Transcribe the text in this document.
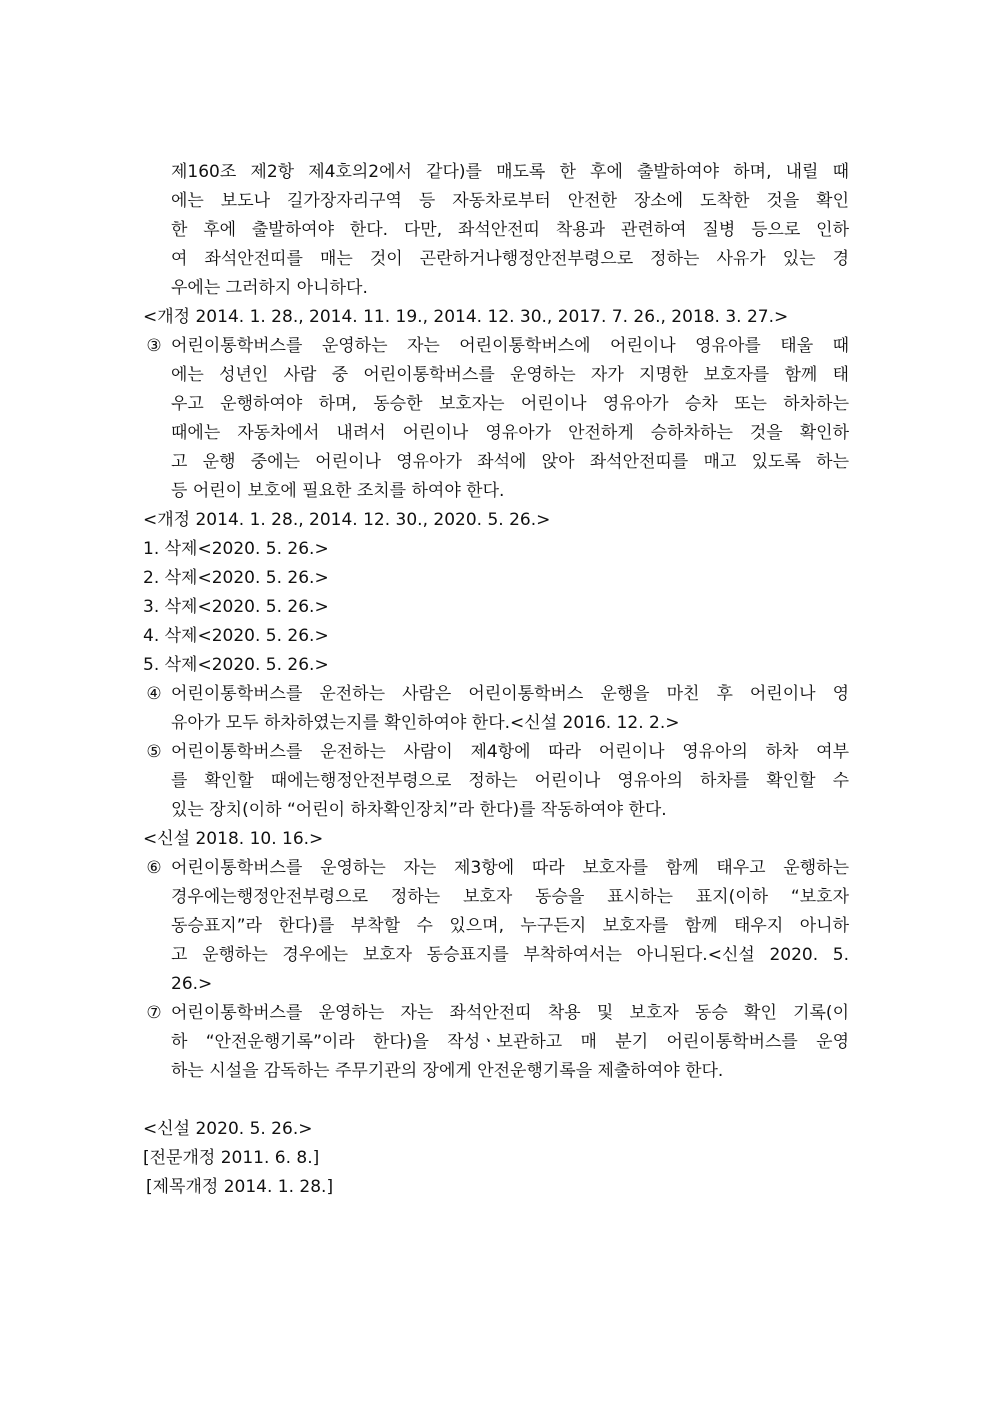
제160조 제2항 제4호의2에서 같다)를 매도록 한 후에 출발하여야 하며, 내릴 때

에는 보도나 길가장자리구역 등 자동차로부터 안전한 장소에 도착한 것을 확인

한 후에 출발하여야 한다. 다만, 좌석안전띠 착용과 관련하여 질병 등으로 인하

여 좌석안전띠를 매는 것이 곤란하거나행정안전부령으로 정하는 사유가 있는 경

우에는 그러하지 아니하다.

<개정 2014. 1. 28., 2014. 11. 19., 2014. 12. 30., 2017. 7. 26., 2018. 3. 27.>

③ 어린이통학버스를 운영하는 자는 어린이통학버스에 어린이나 영유아를 태울 때

에는 성년인 사람 중 어린이통학버스를 운영하는 자가 지명한 보호자를 함께 태

우고 운행하여야 하며, 동승한 보호자는 어린이나 영유아가 승차 또는 하차하는

때에는 자동차에서 내려서 어린이나 영유아가 안전하게 승하차하는 것을 확인하

고 운행 중에는 어린이나 영유아가 좌석에 앉아 좌석안전띠를 매고 있도록 하는

등 어린이 보호에 필요한 조치를 하여야 한다.

<개정 2014. 1. 28., 2014. 12. 30., 2020. 5. 26.>

1. 삭제<2020. 5. 26.>

2. 삭제<2020. 5. 26.>

3. 삭제<2020. 5. 26.>

4. 삭제<2020. 5. 26.>

5. 삭제<2020. 5. 26.>

④ 어린이통학버스를 운전하는 사람은 어린이통학버스 운행을 마친 후 어린이나 영

유아가 모두 하차하였는지를 확인하여야 한다.<신설 2016. 12. 2.>

⑤ 어린이통학버스를 운전하는 사람이 제4항에 따라 어린이나 영유아의 하차 여부

를 확인할 때에는행정안전부령으로 정하는 어린이나 영유아의 하차를 확인할 수

있는 장치(이하 “어린이 하차확인장치”라 한다)를 작동하여야 한다.

<신설 2018. 10. 16.>

⑥ 어린이통학버스를 운영하는 자는 제3항에 따라 보호자를 함께 태우고 운행하는

경우에는행정안전부령으로 정하는 보호자 동승을 표시하는 표지(이하 “보호자

동승표지”라 한다)를 부착할 수 있으며, 누구든지 보호자를 함께 태우지 아니하

고 운행하는 경우에는 보호자 동승표지를 부착하여서는 아니된다.<신설 2020. 5.

26.>

⑦ 어린이통학버스를 운영하는 자는 좌석안전띠 착용 및 보호자 동승 확인 기록(이

하 “안전운행기록”이라 한다)을 작성ㆍ보관하고 매 분기 어린이통학버스를 운영

하는 시설을 감독하는 주무기관의 장에게 안전운행기록을 제출하여야 한다.

<신설 2020. 5. 26.>

[전문개정 2011. 6. 8.]

[제목개정 2014. 1. 28.]
